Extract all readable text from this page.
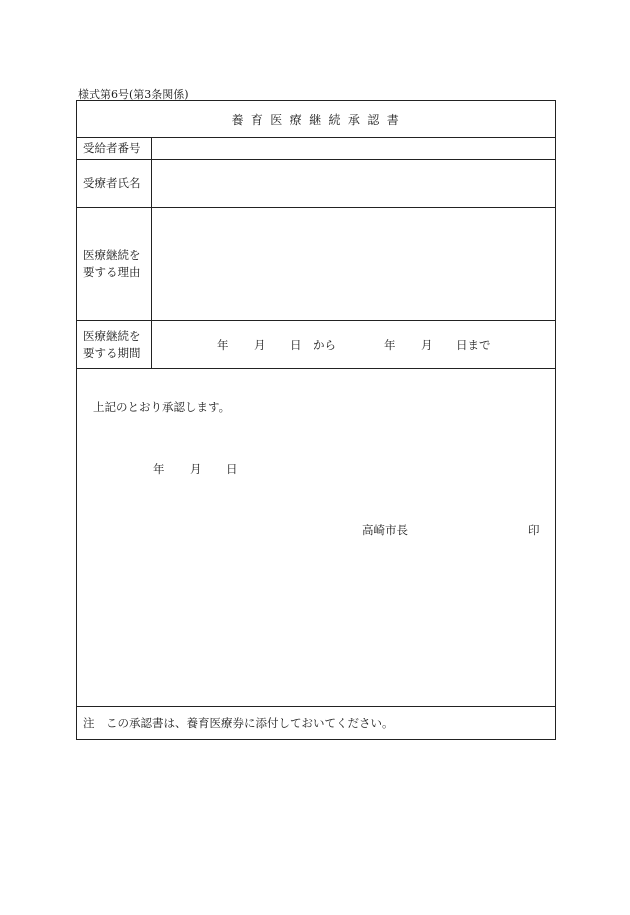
様式第6号(第3条関係)
養 育 医 療 継 続 承 認 書
受給者番号
受療者氏名
医療継続を
要する理由
医療継続を
要する期間
年 月 日 から	年 月 日まで
上記のとおり承認します。
年 月 日
高崎市長	印
注　この承認書は、養育医療券に添付しておいてください。
